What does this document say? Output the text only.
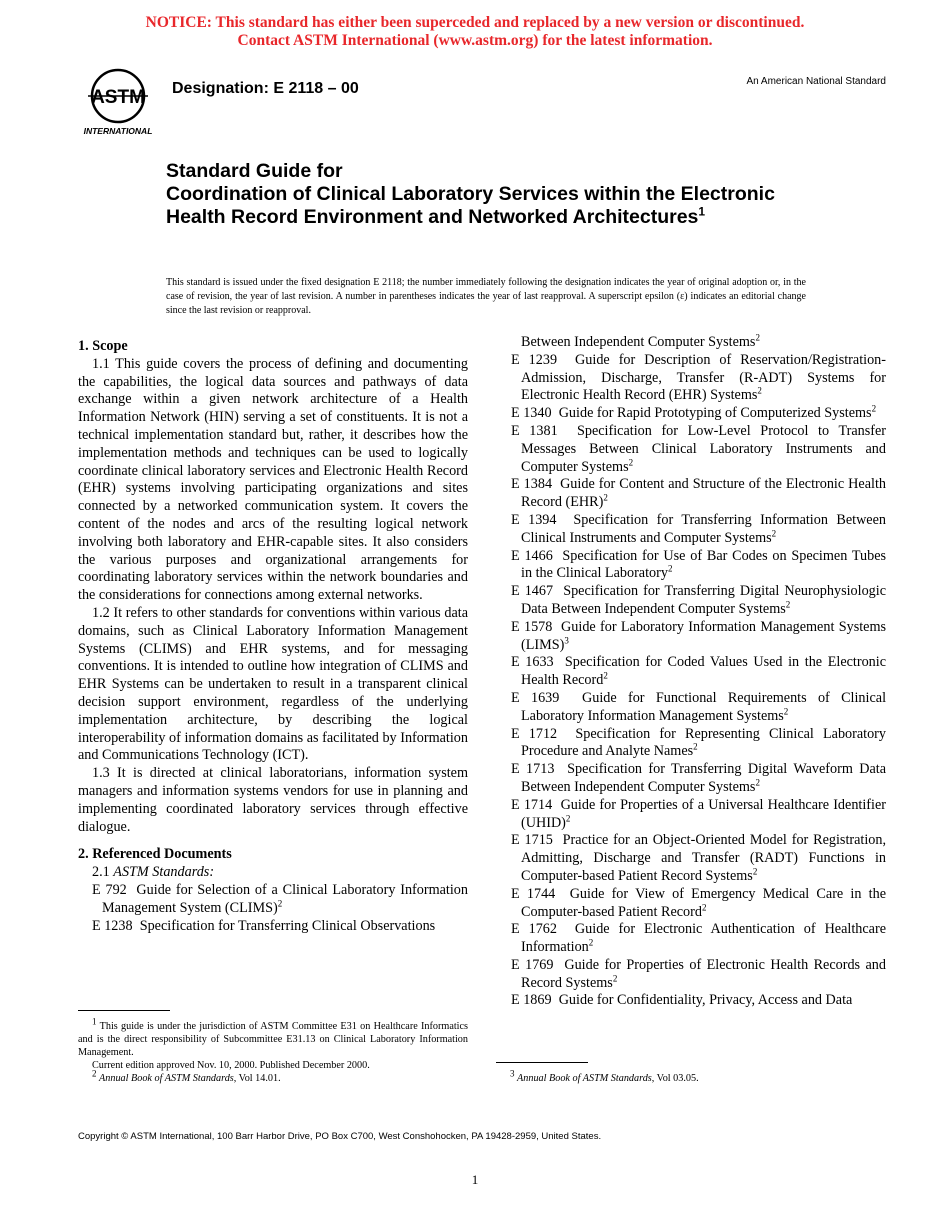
NOTICE: This standard has either been superceded and replaced by a new version or discontinued.
Contact ASTM International (www.astm.org) for the latest information.
ASTM
INTERNATIONAL
Designation: E 2118 – 00	An American National Standard
Standard Guide for
Coordination of Clinical Laboratory Services within the Electronic Health Record Environment and Networked Architectures$^1$
This standard is issued under the fixed designation E 2118; the number immediately following the designation indicates the year of original adoption or, in the case of revision, the year of last revision. A number in parentheses indicates the year of last reapproval. A superscript epsilon (ε) indicates an editorial change since the last revision or reapproval.

1. Scope

1.1 This guide covers the process of defining and documenting the capabilities, the logical data sources and pathways of data exchange within a given network architecture of a Health Information Network (HIN) serving a set of constituents. It is not a technical implementation standard but, rather, it describes how the implementation methods and techniques can be used to logically coordinate clinical laboratory services and Electronic Health Record (EHR) systems involving participating organizations and sites connected by a networked communication system. It covers the content of the nodes and arcs of the resulting logical network involving both laboratory and EHR-capable sites. It also considers the various purposes and organizational arrangements for coordinating laboratory services within the network boundaries and the considerations for connections among external networks.

1.2 It refers to other standards for conventions within various data domains, such as Clinical Laboratory Information Management Systems (CLIMS) and EHR systems, and for messaging conventions. It is intended to outline how integration of CLIMS and EHR Systems can be undertaken to result in a transparent clinical decision support environment, regardless of the underlying implementation architecture, by describing the logical interoperability of information domains as facilitated by Information and Communications Technology (ICT).

1.3 It is directed at clinical laboratorians, information system managers and information systems vendors for use in planning and implementing coordinated laboratory services through effective dialogue.

2. Referenced Documents

2.1 ASTM Standards:

E 792 Guide for Selection of a Clinical Laboratory Information Management System (CLIMS)$^2$

E 1238 Specification for Transferring Clinical Observations

Between Independent Computer Systems$^2$

E 1239 Guide for Description of Reservation/Registration-Admission, Discharge, Transfer (R-ADT) Systems for Electronic Health Record (EHR) Systems$^2$

E 1340 Guide for Rapid Prototyping of Computerized Systems$^2$

E 1381 Specification for Low-Level Protocol to Transfer Messages Between Clinical Laboratory Instruments and Computer Systems$^2$

E 1384 Guide for Content and Structure of the Electronic Health Record (EHR)$^2$

E 1394 Specification for Transferring Information Between Clinical Instruments and Computer Systems$^2$

E 1466 Specification for Use of Bar Codes on Specimen Tubes in the Clinical Laboratory$^2$

E 1467 Specification for Transferring Digital Neurophysiologic Data Between Independent Computer Systems$^2$

E 1578 Guide for Laboratory Information Management Systems (LIMS)$^3$

E 1633 Specification for Coded Values Used in the Electronic Health Record$^2$

E 1639 Guide for Functional Requirements of Clinical Laboratory Information Management Systems$^2$

E 1712 Specification for Representing Clinical Laboratory Procedure and Analyte Names$^2$

E 1713 Specification for Transferring Digital Waveform Data Between Independent Computer Systems$^2$

E 1714 Guide for Properties of a Universal Healthcare Identifier (UHID)$^2$

E 1715 Practice for an Object-Oriented Model for Registration, Admitting, Discharge and Transfer (RADT) Functions in Computer-based Patient Record Systems$^2$

E 1744 Guide for View of Emergency Medical Care in the Computer-based Patient Record$^2$

E 1762 Guide for Electronic Authentication of Healthcare Information$^2$

E 1769 Guide for Properties of Electronic Health Records and Record Systems$^2$

E 1869 Guide for Confidentiality, Privacy, Access and Data

$^1$ This guide is under the jurisdiction of ASTM Committee E31 on Healthcare Informatics and is the direct responsibility of Subcommittee E31.13 on Clinical Laboratory Information Management.
Current edition approved Nov. 10, 2000. Published December 2000.
$^2$ Annual Book of ASTM Standards, Vol 14.01.	$^3$ Annual Book of ASTM Standards, Vol 03.05.
Copyright © ASTM International, 100 Barr Harbor Drive, PO Box C700, West Conshohocken, PA 19428-2959, United States.
1
